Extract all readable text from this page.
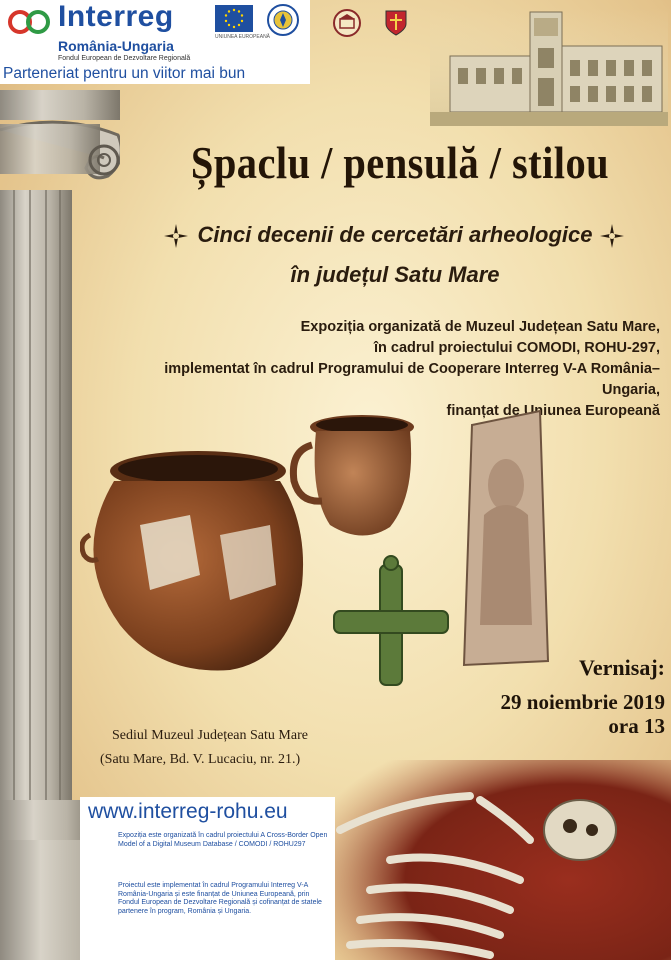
Interreg
România-Ungaria
Fondul European de Dezvoltare Regională
UNIUNEA EUROPEANĂ
Parteneriat pentru un viitor mai bun
Șpaclu / pensulă / stilou
Cinci decenii de cercetări arheologice
în județul Satu Mare
Expoziția organizată de Muzeul Județean Satu Mare,
în cadrul proiectului COMODI, ROHU-297,
implementat în cadrul Programului de Cooperare Interreg V-A România–Ungaria,
finanțat de Uniunea Europeană
Vernisaj:
29 noiembrie 2019
ora 13
Sediul Muzeul Județean Satu Mare
(Satu Mare, Bd. V. Lucaciu, nr. 21.)
www.interreg-rohu.eu
Expoziția este organizată în cadrul proiectului A Cross-Border Open Model of a Digital Museum Database / COMODI / ROHU297
Proiectul este implementat în cadrul Programului Interreg V-A România-Ungaria și este finanțat de Uniunea Europeană, prin Fondul European de Dezvoltare Regională și cofinanțat de statele partenere în program, România și Ungaria.
